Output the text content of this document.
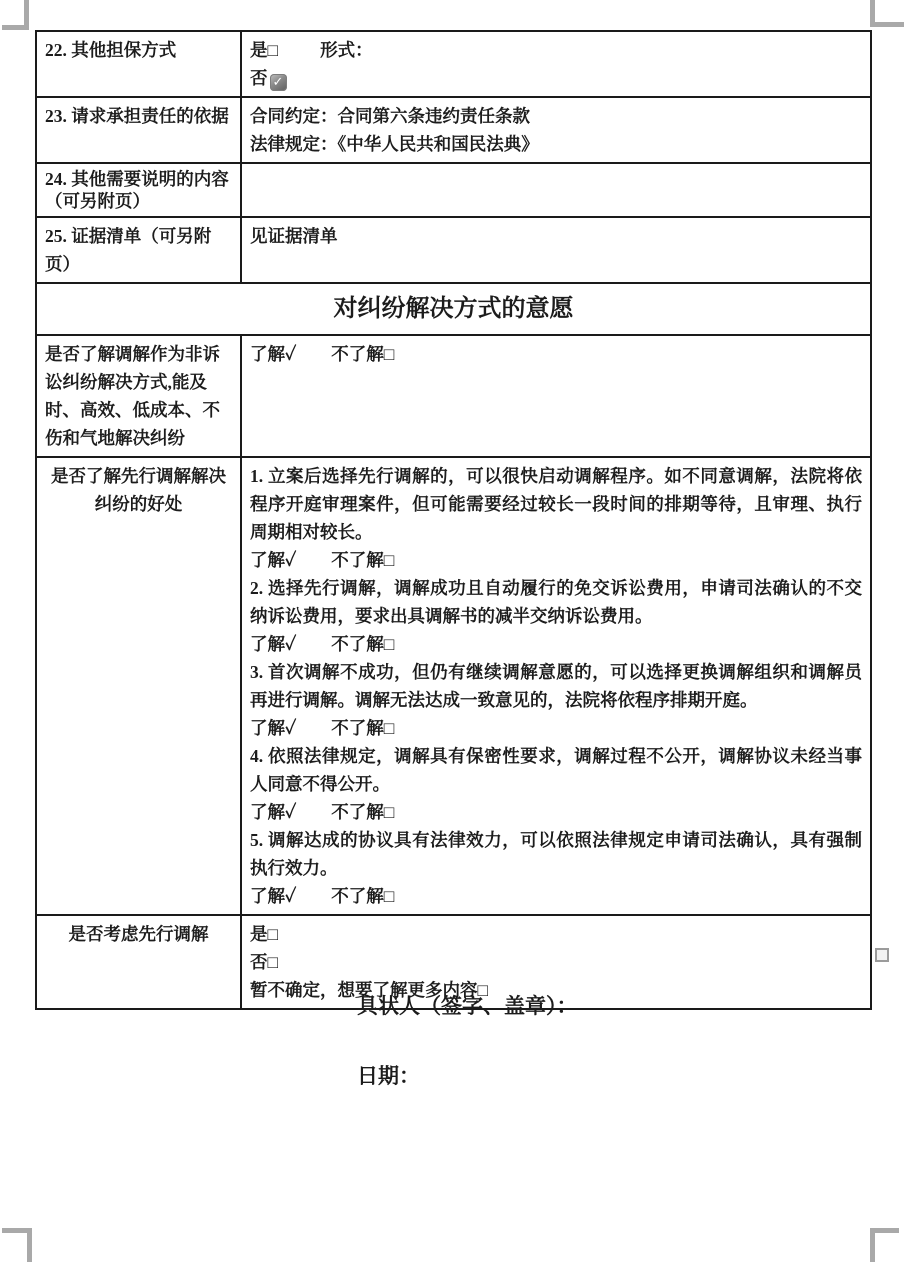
22. 其他担保方式	是□ 形式：
否 ✓

23. 请求承担责任的依据	合同约定：合同第六条违约责任条款
法律规定：《中华人民共和国民法典》

24. 其他需要说明的内容（可另附页）	
25. 证据清单（可另附页）	见证据清单
对纠纷解决方式的意愿	
是否了解调解作为非诉讼纠纷解决方式,能及时、高效、低成本、不伤和气地解决纠纷	了解✓　　不了解□
是否了解先行调解解决纠纷的好处	

1. 立案后选择先行调解的，可以很快启动调解程序。如不同意调解，法院将依程序开庭审理案件，但可能需要经过较长一段时间的排期等待，且审理、执行周期相对较长。

了解✓　　不了解□

2. 选择先行调解，调解成功且自动履行的免交诉讼费用，申请司法确认的不交纳诉讼费用，要求出具调解书的减半交纳诉讼费用。

了解✓　　不了解□

3. 首次调解不成功，但仍有继续调解意愿的，可以选择更换调解组织和调解员再进行调解。调解无法达成一致意见的，法院将依程序排期开庭。

了解✓　　不了解□

4. 依照法律规定，调解具有保密性要求，调解过程不公开，调解协议未经当事人同意不得公开。

了解✓　　不了解□

5. 调解达成的协议具有法律效力，可以依照法律规定申请司法确认，具有强制执行效力。

了解✓　　不了解□

是否考虑先行调解	是□
否□
暂不确定，想要了解更多内容□
具状人（签字、盖章）：
日期：
